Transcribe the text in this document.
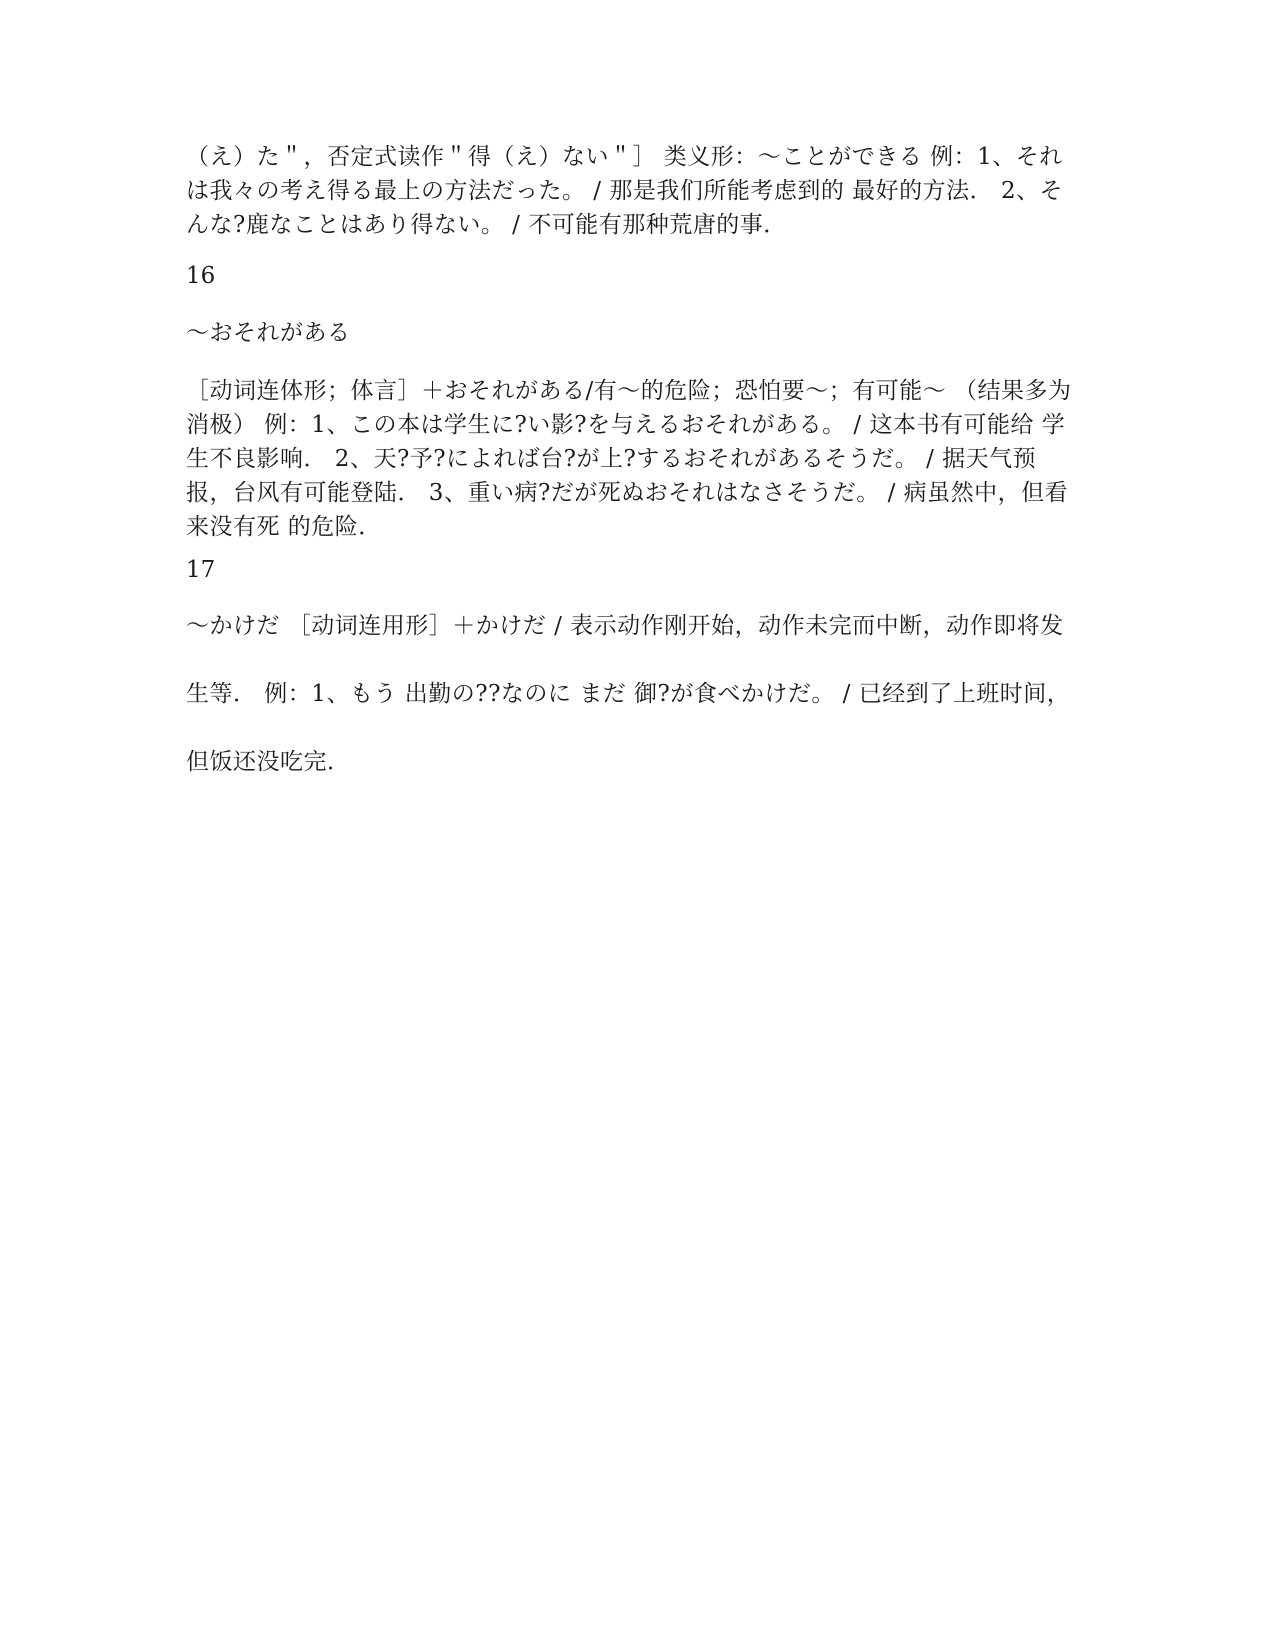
（え）た＂，否定式读作＂得（え）ない＂］ 类义形：～ことができる 例：1、それは我々の考え得る最上の方法だった。 / 那是我们所能考虑到的 最好的方法． 2、そんな?鹿なことはあり得ない。 / 不可能有那种荒唐的事．

16

～おそれがある

［动词连体形；体言］＋おそれがある/有～的危险；恐怕要～；有可能～ （结果多为消极） 例：1、この本は学生に?い影?を与えるおそれがある。 / 这本书有可能给 学生不良影响． 2、天?予?によれば台?が上?するおそれがあるそうだ。 / 据天气预 报，台风有可能登陆． 3、重い病?だが死ぬおそれはなさそうだ。 / 病虽然中，但看来没有死 的危险．

17

～かけだ ［动词连用形］＋かけだ / 表示动作刚开始，动作未完而中断，动作即将发生等． 例：1、もう 出勤の??なのに まだ 御?が食べかけだ。 / 已经到了上班时间，但饭还没吃完．
